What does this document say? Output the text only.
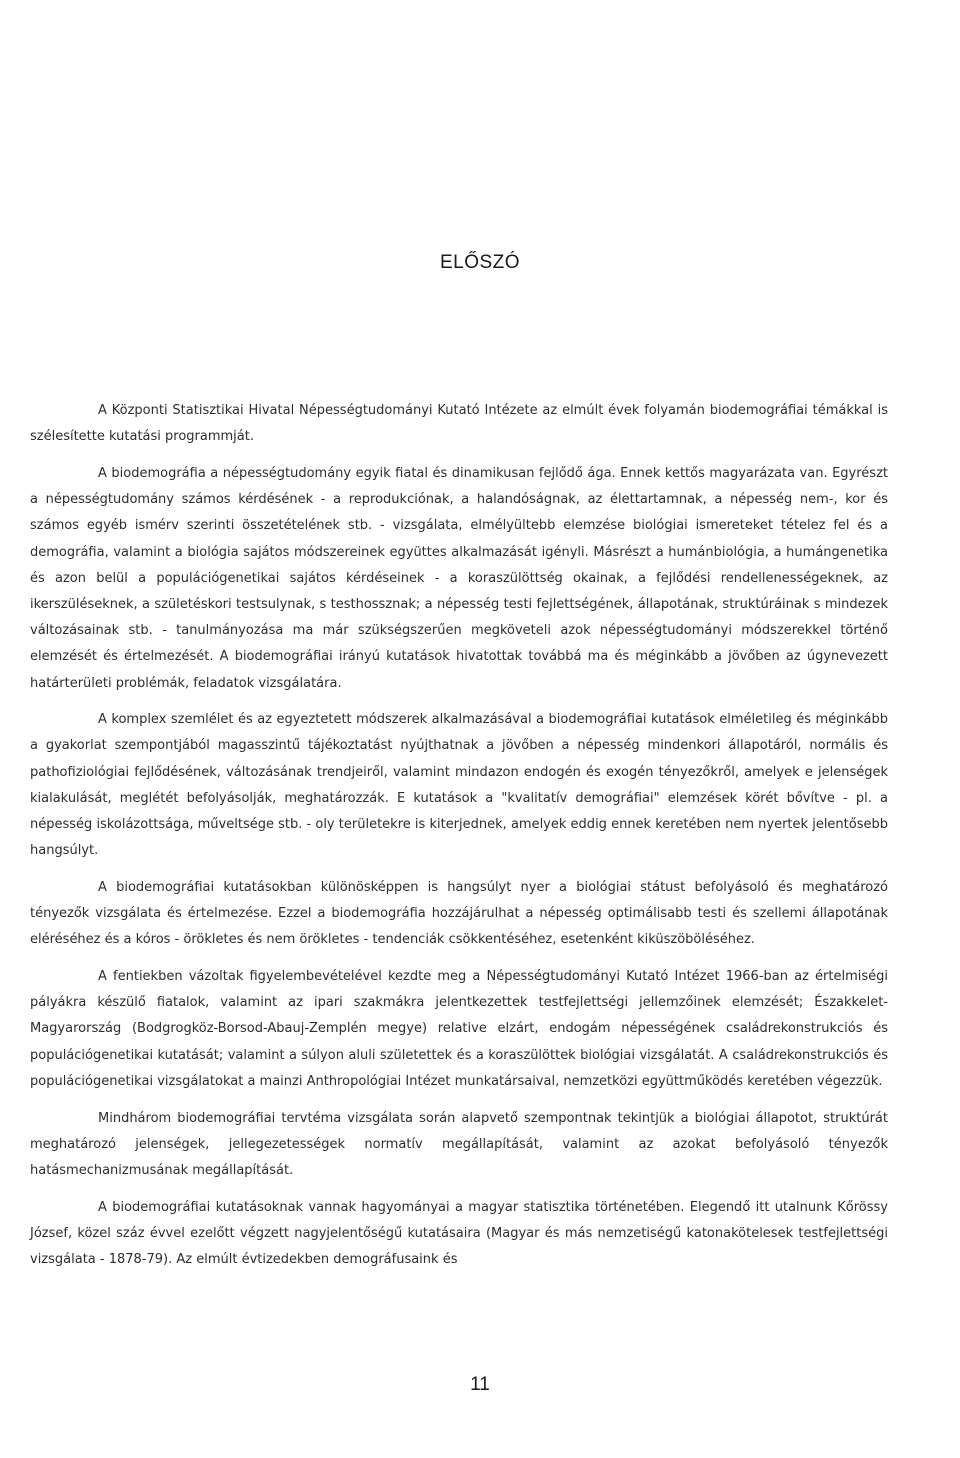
ELŐSZÓ

A Központi Statisztikai Hivatal Népességtudományi Kutató Intézete az elmúlt évek folyamán biodemográfiai témákkal is szélesítette kutatási programmját.

A biodemográfia a népességtudomány egyik fiatal és dinamikusan fejlődő ága. Ennek kettős magyarázata van. Egyrészt a népességtudomány számos kérdésének - a reprodukciónak, a halandóságnak, az élettartamnak, a népesség nem-, kor és számos egyéb ismérv szerinti összetételének stb. - vizsgálata, elmélyültebb elemzése biológiai ismereteket tételez fel és a demográfia, valamint a biológia sajátos módszereinek együttes alkalmazását igényli. Másrészt a humánbiológia, a humángenetika és azon belül a populációgenetikai sajátos kérdéseinek - a koraszülöttség okainak, a fejlődési rendellenességeknek, az ikerszüléseknek, a születéskori testsulynak, s testhossznak; a népesség testi fejlettségének, állapotának, struktúráinak s mindezek változásainak stb. - tanulmányozása ma már szükségszerűen megköveteli azok népességtudományi módszerekkel történő elemzését és értelmezését. A biodemográfiai irányú kutatások hivatottak továbbá ma és méginkább a jövőben az úgynevezett határterületi problémák, feladatok vizsgálatára.

A komplex szemlélet és az egyeztetett módszerek alkalmazásával a biodemográfiai kutatások elméletileg és méginkább a gyakorlat szempontjából magasszintű tájékoztatást nyújthatnak a jövőben a népesség mindenkori állapotáról, normális és pathofiziológiai fejlődésének, változásának trendjeiről, valamint mindazon endogén és exogén tényezőkről, amelyek e jelenségek kialakulását, meglétét befolyásolják, meghatározzák. E kutatások a "kvalitatív demográfiai" elemzések körét bővítve - pl. a népesség iskolázottsága, műveltsége stb. - oly területekre is kiterjednek, amelyek eddig ennek keretében nem nyertek jelentősebb hangsúlyt.

A biodemográfiai kutatásokban különösképpen is hangsúlyt nyer a biológiai státust befolyásoló és meghatározó tényezők vizsgálata és értelmezése. Ezzel a biodemográfia hozzájárulhat a népesség optimálisabb testi és szellemi állapotának eléréséhez és a kóros - örökletes és nem örökletes - tendenciák csökkentéséhez, esetenként kiküszöböléséhez.

A fentiekben vázoltak figyelembevételével kezdte meg a Népességtudományi Kutató Intézet 1966-ban az értelmiségi pályákra készülő fiatalok, valamint az ipari szakmákra jelentkezettek testfejlettségi jellemzőinek elemzését; Északkelet-Magyarország (Bodgrogköz-Borsod-Abauj-Zemplén megye) relative elzárt, endogám népességének családrekonstrukciós és populációgenetikai kutatását; valamint a súlyon aluli születettek és a koraszülöttek biológiai vizsgálatát. A családrekonstrukciós és populációgenetikai vizsgálatokat a mainzi Anthropológiai Intézet munkatársaival, nemzetközi együttműködés keretében végezzük.

Mindhárom biodemográfiai tervtéma vizsgálata során alapvető szempontnak tekintjük a biológiai állapotot, struktúrát meghatározó jelenségek, jellegezetességek normatív megállapítását, valamint az azokat befolyásoló tényezők hatásmechanizmusának megállapítását.

A biodemográfiai kutatásoknak vannak hagyományai a magyar statisztika történetében. Elegendő itt utalnunk Kőrössy József, közel száz évvel ezelőtt végzett nagyjelentőségű kutatásaira (Magyar és más nemzetiségű katonakötelesek testfejlettségi vizsgálata - 1878-79). Az elmúlt évtizedekben demográfusaink és

11
